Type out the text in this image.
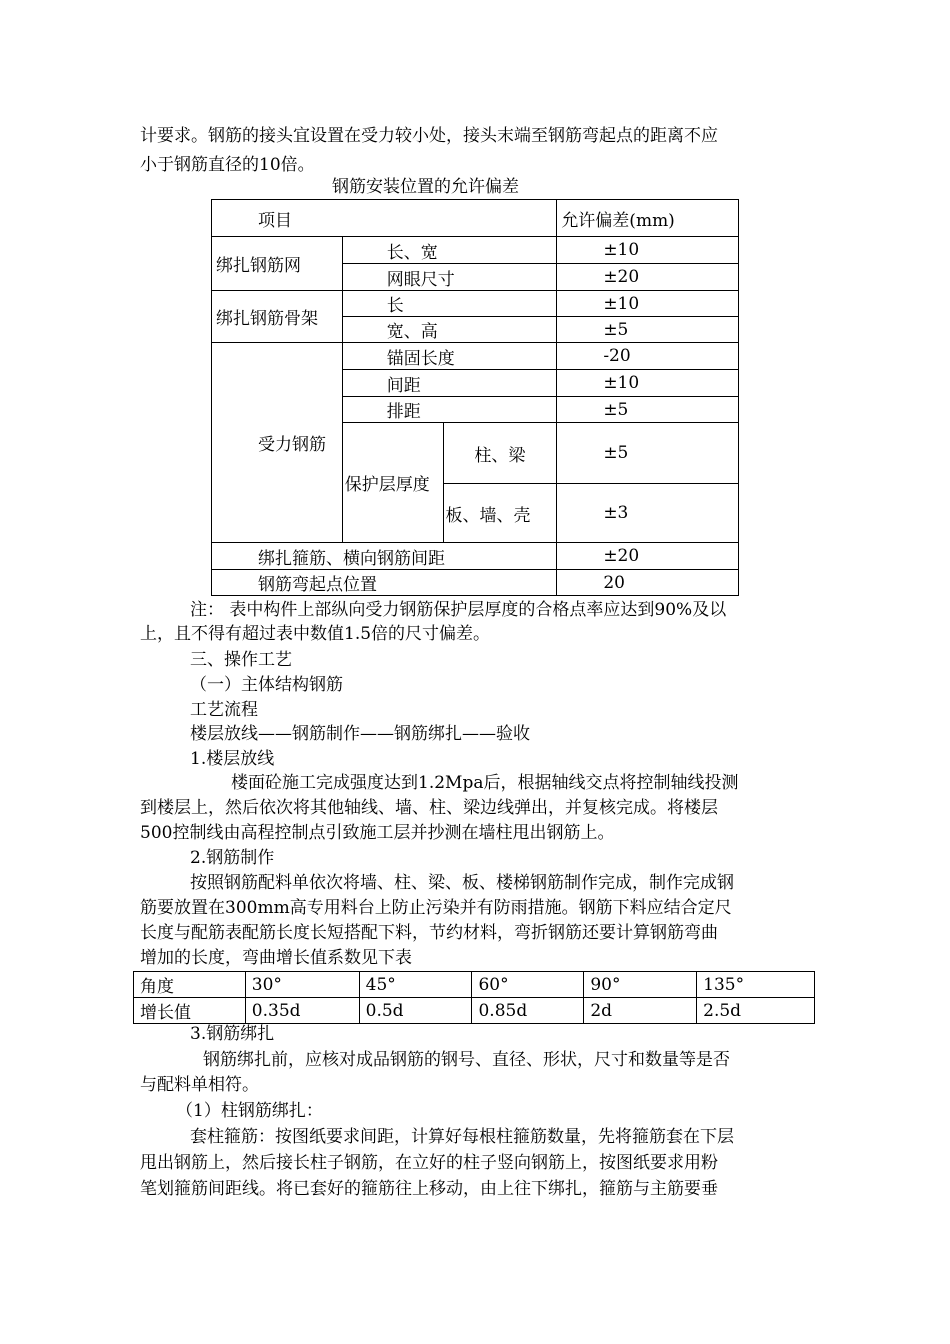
计要求。钢筋的接头宜设置在受力较小处，接头末端至钢筋弯起点的距离不应
小于钢筋直径的10倍。
钢筋安装位置的允许偏差
项目			允许偏差(mm)
绑扎钢筋网	长、宽		±10
	网眼尺寸		±20
绑扎钢筋骨架	长		±10
	宽、高		±5
受力钢筋	锚固长度		-20
	间距		±10
	排距		±5
	保护层厚度	柱、梁	±5
		板、墙、壳	±3
绑扎箍筋、横向钢筋间距			±20
钢筋弯起点位置			20
注： 表中构件上部纵向受力钢筋保护层厚度的合格点率应达到90%及以
上，且不得有超过表中数值1.5倍的尺寸偏差。
三、操作工艺
（一）主体结构钢筋
工艺流程
楼层放线——钢筋制作——钢筋绑扎——验收
1.楼层放线
楼面砼施工完成强度达到1.2Mpa后，根据轴线交点将控制轴线投测
到楼层上，然后依次将其他轴线、墙、柱、梁边线弹出，并复核完成。将楼层
500控制线由高程控制点引致施工层并抄测在墙柱甩出钢筋上。
2.钢筋制作
按照钢筋配料单依次将墙、柱、梁、板、楼梯钢筋制作完成，制作完成钢
筋要放置在300mm高专用料台上防止污染并有防雨措施。钢筋下料应结合定尺
长度与配筋表配筋长度长短搭配下料，节约材料，弯折钢筋还要计算钢筋弯曲
增加的长度，弯曲增长值系数见下表
角度	30°	45°	60°	90°	135°
增长值	0.35d	0.5d	0.85d	2d	2.5d
3.钢筋绑扎
钢筋绑扎前，应核对成品钢筋的钢号、直径、形状，尺寸和数量等是否
与配料单相符。
（1）柱钢筋绑扎：
套柱箍筋：按图纸要求间距，计算好每根柱箍筋数量，先将箍筋套在下层
甩出钢筋上，然后接长柱子钢筋，在立好的柱子竖向钢筋上，按图纸要求用粉
笔划箍筋间距线。将已套好的箍筋往上移动，由上往下绑扎，箍筋与主筋要垂
